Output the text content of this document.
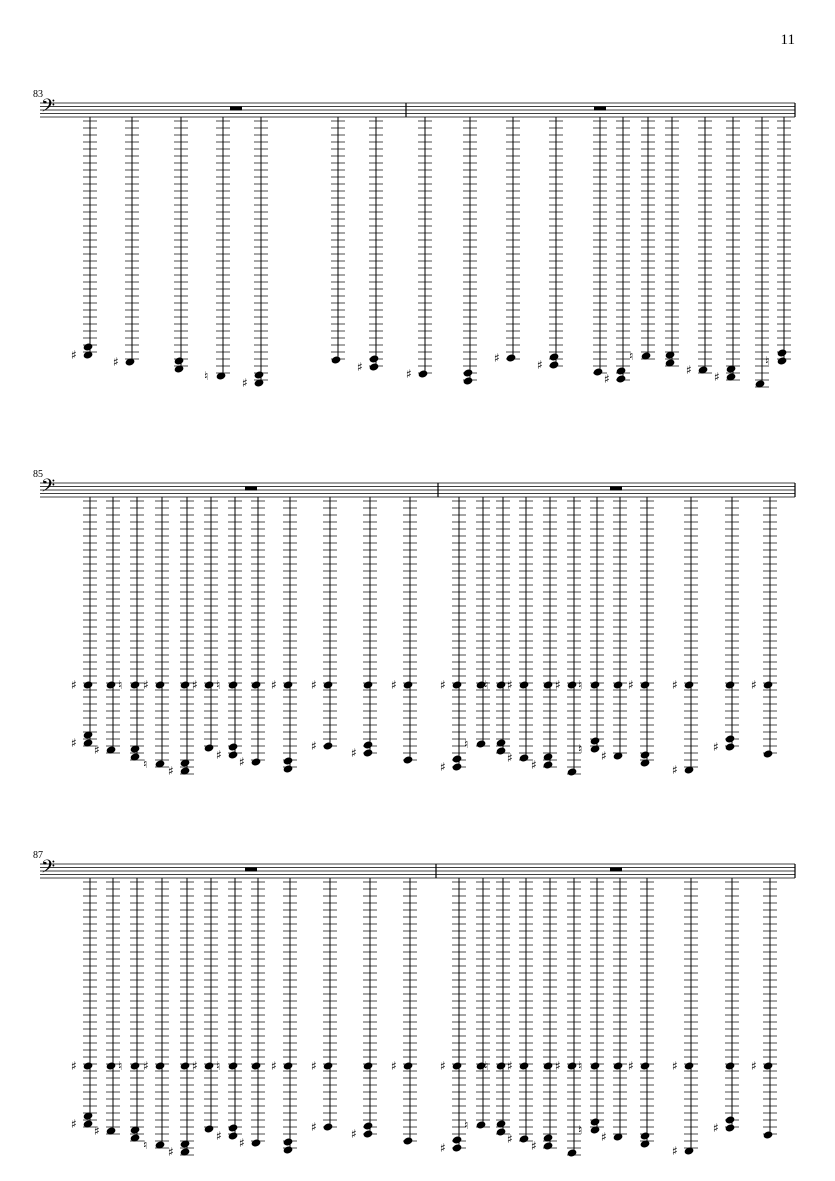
11
83
85
87
𝄢
♯	♯
♮	♯
♯	♯
♯	♯
♯
♮
♯ ♯
♮
𝄢
♯
♯ ♯
♮ ♯
♮ ♯
♯ ♮
♯ ♯
♯	♯
♯	♯
♯	♯
♯
♮
♮ ♯
♯ ♯
♯ ♮
♮ ♯
♯	♯
♯
♯
♯
𝄢
♯
♯ ♯
♮ ♯
♮ ♯
♯ ♮
♯ ♯
♯	♯
♯	♯
♯	♯
♯
♮
♮ ♯
♯ ♯
♯ ♮
♮ ♯
♯	♯
♯
♯
♯
